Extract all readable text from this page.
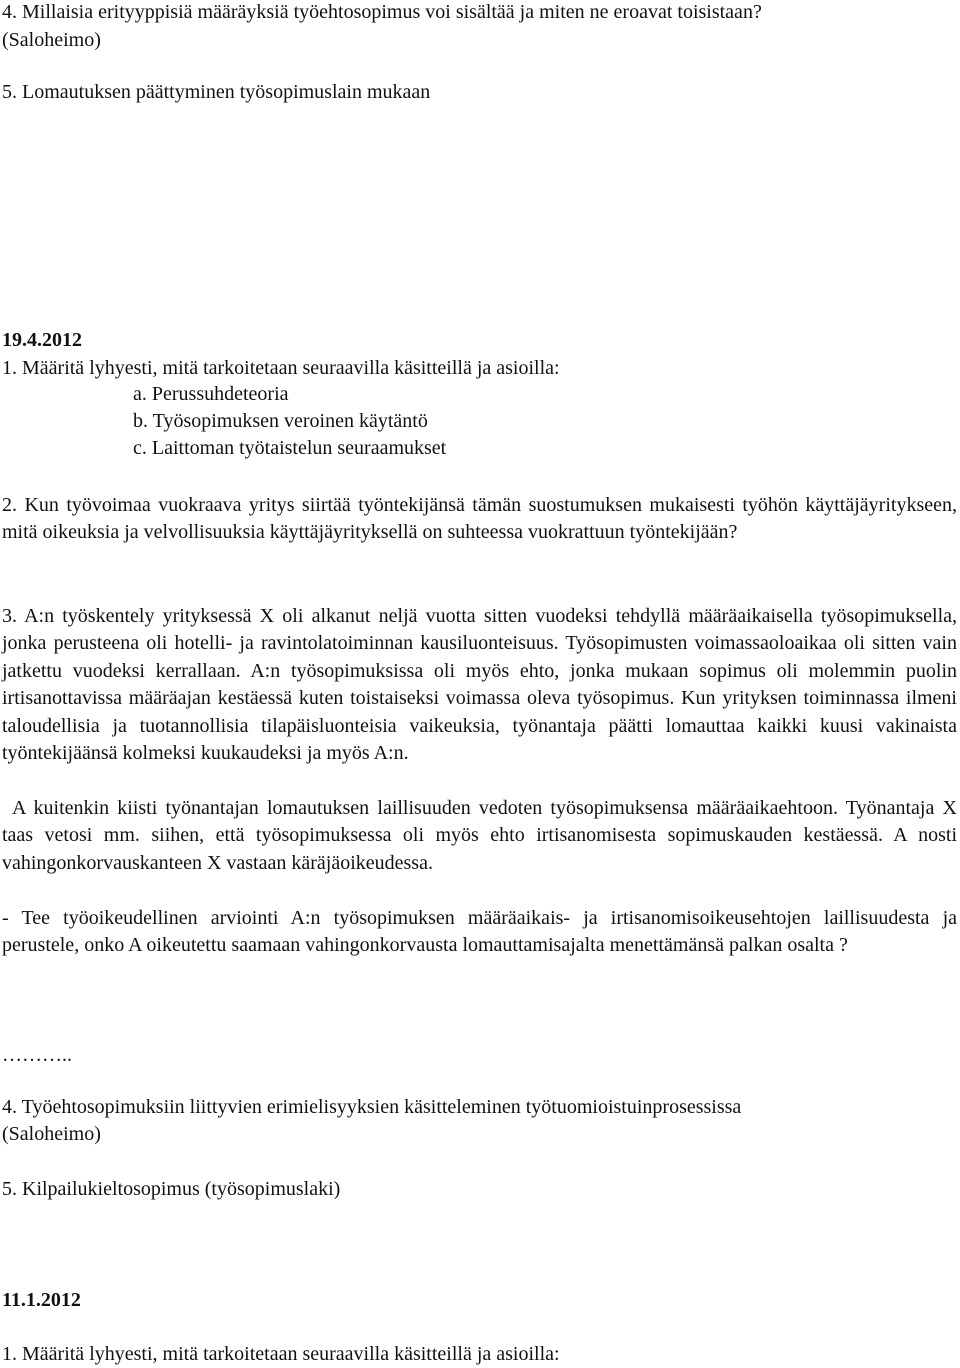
4. Millaisia erityyppisiä määräyksiä työehtosopimus voi sisältää ja miten ne eroavat toisistaan?
(Saloheimo)
5. Lomautuksen päättyminen työsopimuslain mukaan
19.4.2012
1. Määritä lyhyesti, mitä tarkoitetaan seuraavilla käsitteillä ja asioilla:
a. Perussuhdeteoria
b. Työsopimuksen veroinen käytäntö
c. Laittoman työtaistelun seuraamukset
2. Kun työvoimaa vuokraava yritys siirtää työntekijänsä tämän suostumuksen mukaisesti työhön käyttäjäyritykseen, mitä oikeuksia ja velvollisuuksia käyttäjäyrityksellä on suhteessa vuokrattuun työntekijään?
3. A:n työskentely yrityksessä X oli alkanut neljä vuotta sitten vuodeksi tehdyllä määräaikaisella työsopimuksella, jonka perusteena oli hotelli- ja ravintolatoiminnan kausiluonteisuus. Työsopimusten voimassaoloaikaa oli sitten vain jatkettu vuodeksi kerrallaan. A:n työsopimuksissa oli myös ehto, jonka mukaan sopimus oli molemmin puolin irtisanottavissa määräajan kestäessä kuten toistaiseksi voimassa oleva työsopimus. Kun yrityksen toiminnassa ilmeni taloudellisia ja tuotannollisia tilapäisluonteisia vaikeuksia, työnantaja päätti lomauttaa kaikki kuusi vakinaista työntekijäänsä kolmeksi kuukaudeksi ja myös A:n.
A kuitenkin kiisti työnantajan lomautuksen laillisuuden vedoten työsopimuksensa määräaikaehtoon. Työnantaja X taas vetosi mm. siihen, että työsopimuksessa oli myös ehto irtisanomisesta sopimuskauden kestäessä. A nosti vahingonkorvauskanteen X vastaan käräjäoikeudessa.
- Tee työoikeudellinen arviointi A:n työsopimuksen määräaikais- ja irtisanomisoikeusehtojen laillisuudesta ja perustele, onko A oikeutettu saamaan vahingonkorvausta lomauttamisajalta menettämänsä palkan osalta ?
………..
4. Työehtosopimuksiin liittyvien erimielisyyksien käsitteleminen työtuomioistuinprosessissa
(Saloheimo)
5. Kilpailukieltosopimus (työsopimuslaki)
11.1.2012
1. Määritä lyhyesti, mitä tarkoitetaan seuraavilla käsitteillä ja asioilla:
